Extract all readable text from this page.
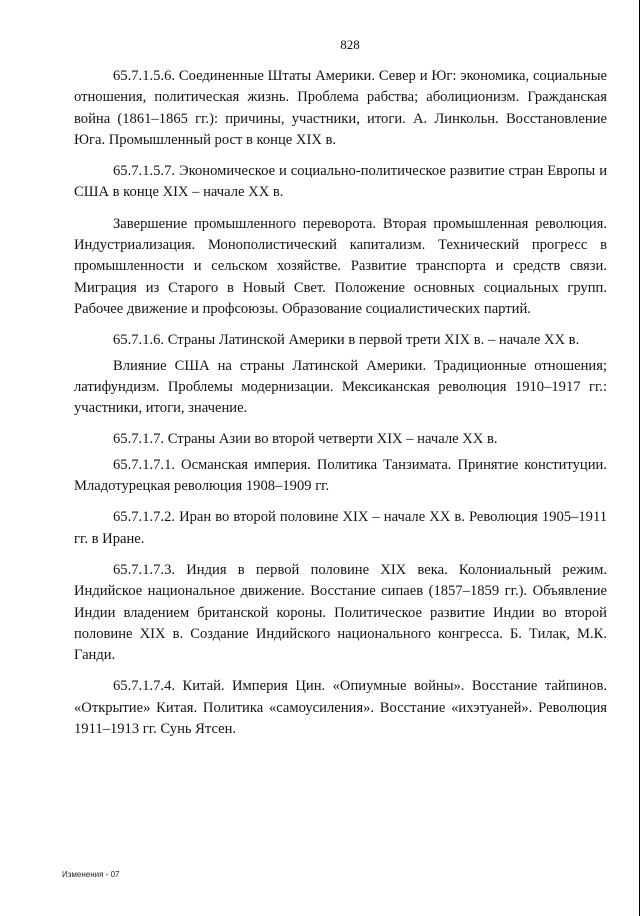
828

65.7.1.5.6. Соединенные Штаты Америки. Север и Юг: экономика, социальные отношения, политическая жизнь. Проблема рабства; аболиционизм. Гражданская война (1861–1865 гг.): причины, участники, итоги. А. Линкольн. Восстановление Юга. Промышленный рост в конце XIX в.

65.7.1.5.7. Экономическое и социально-политическое развитие стран Европы и США в конце XIX – начале XX в.

Завершение промышленного переворота. Вторая промышленная революция. Индустриализация. Монополистический капитализм. Технический прогресс в промышленности и сельском хозяйстве. Развитие транспорта и средств связи. Миграция из Старого в Новый Свет. Положение основных социальных групп. Рабочее движение и профсоюзы. Образование социалистических партий.

65.7.1.6. Страны Латинской Америки в первой трети XIX в. – начале XX в.

Влияние США на страны Латинской Америки. Традиционные отношения; латифундизм. Проблемы модернизации. Мексиканская революция 1910–1917 гг.: участники, итоги, значение.

65.7.1.7. Страны Азии во второй четверти XIX – начале XX в.

65.7.1.7.1. Османская империя. Политика Танзимата. Принятие конституции. Младотурецкая революция 1908–1909 гг.

65.7.1.7.2. Иран во второй половине XIX – начале XX в. Революция 1905–1911 гг. в Иране.

65.7.1.7.3. Индия в первой половине XIX века. Колониальный режим. Индийское национальное движение. Восстание сипаев (1857–1859 гг.). Объявление Индии владением британской короны. Политическое развитие Индии во второй половине XIX в. Создание Индийского национального конгресса. Б. Тилак, М.К. Ганди.

65.7.1.7.4. Китай. Империя Цин. «Опиумные войны». Восстание тайпинов. «Открытие» Китая. Политика «самоусиления». Восстание «ихэтуаней». Революция 1911–1913 гг. Сунь Ятсен.

Изменения - 07
